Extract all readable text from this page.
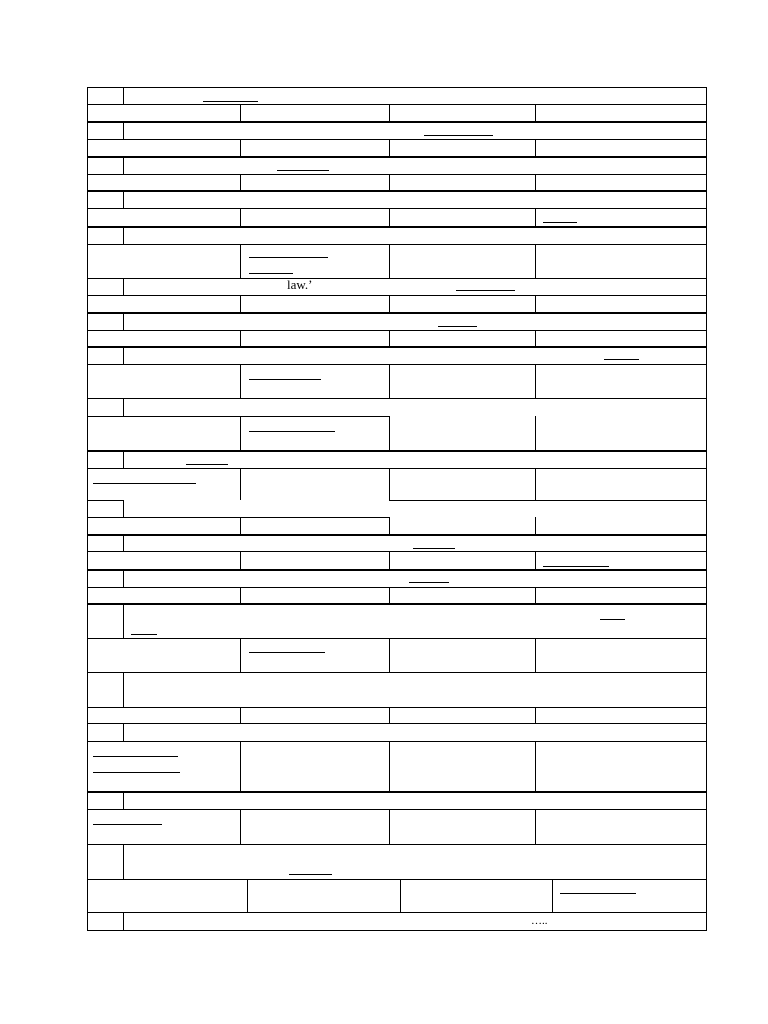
law.’
…..
